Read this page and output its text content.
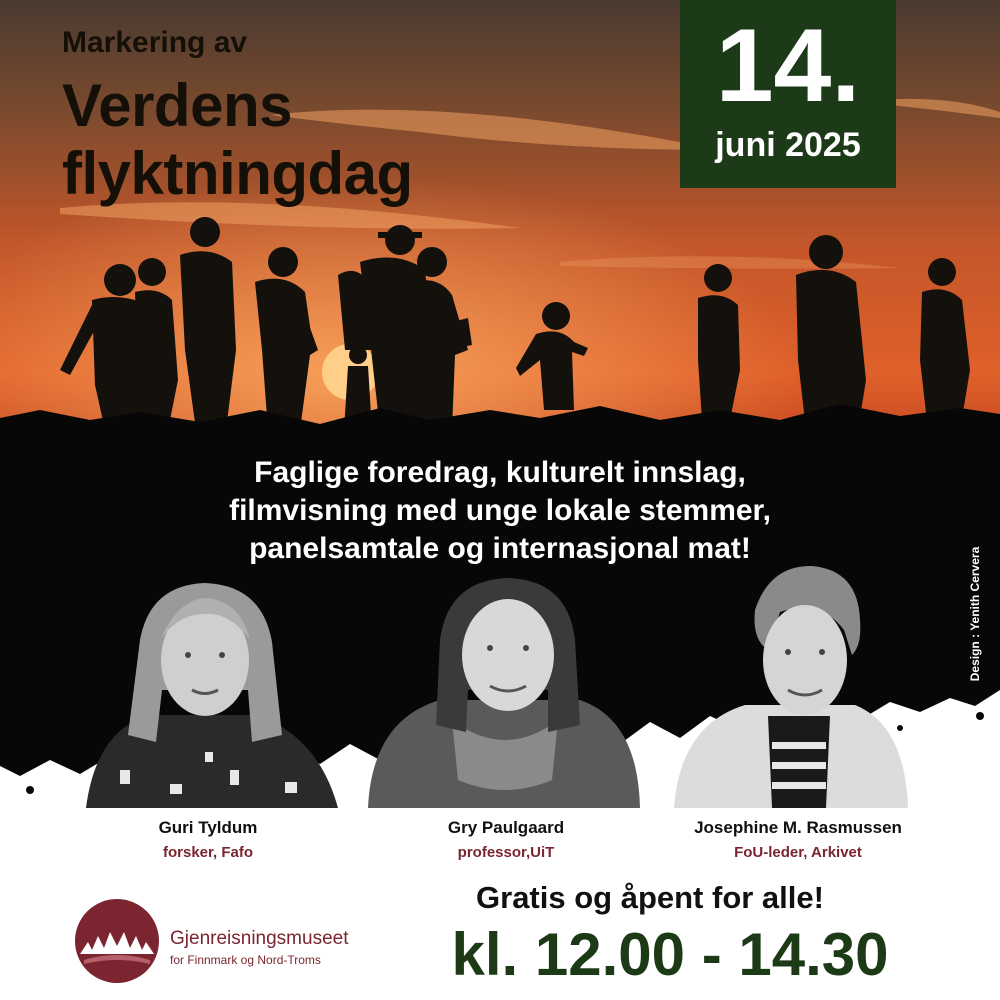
Markering av
Verdens
flyktningdag
14.
juni 2025
Faglige foredrag, kulturelt innslag,
filmvisning med unge lokale stemmer,
panelsamtale og internasjonal mat!	Design : Yenith Cervera
Guri Tyldum
forsker, Fafo
Gry Paulgaard
professor,UiT
Josephine M. Rasmussen
FoU-leder, Arkivet
Gratis og åpent for alle!
kl. 12.00 - 14.30
Gjenreisningsmuseet
for Finnmark og Nord-Troms
